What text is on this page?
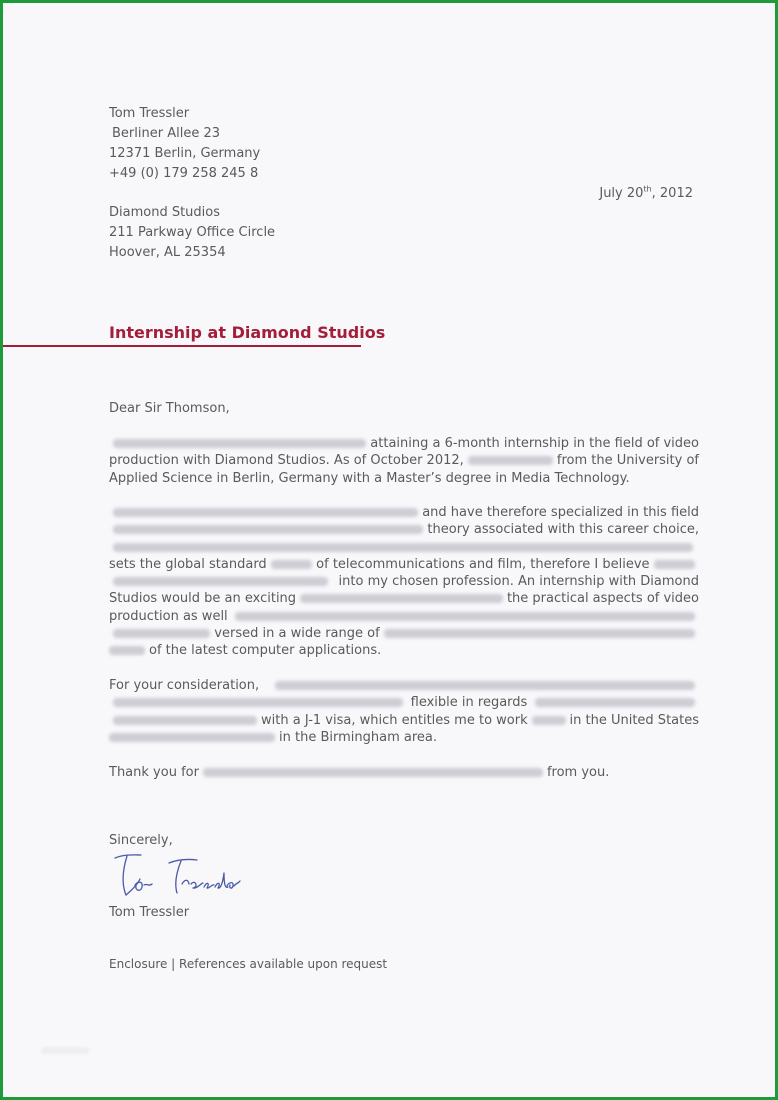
Tom Tressler
Berliner Allee 23
12371 Berlin, Germany
+49 (0) 179 258 245 8
July 20th, 2012
Diamond Studios
211 Parkway Office Circle
Hoover, AL 25354
Internship at Diamond Studios
Dear Sir Thomson,
attaining a 6-month internship in the field of video
production with Diamond Studios. As of October 2012,	from the University of
Applied Science in Berlin, Germany with a Master’s degree in Media Technology.
and have therefore specialized in this field
theory associated with this career choice,
sets the global standard	of telecommunications and film, therefore I believe
into my chosen profession. An internship with Diamond
Studios would be an exciting	the practical aspects of video
production as well
versed in a wide range of
of the latest computer applications.
For your consideration,
flexible in regards
with a J-1 visa, which entitles me to work	in the United States
in the Birmingham area.
Thank you for	from you.
Sincerely,
Tom Tressler
Tom Tressler
Enclosure | References available upon request
